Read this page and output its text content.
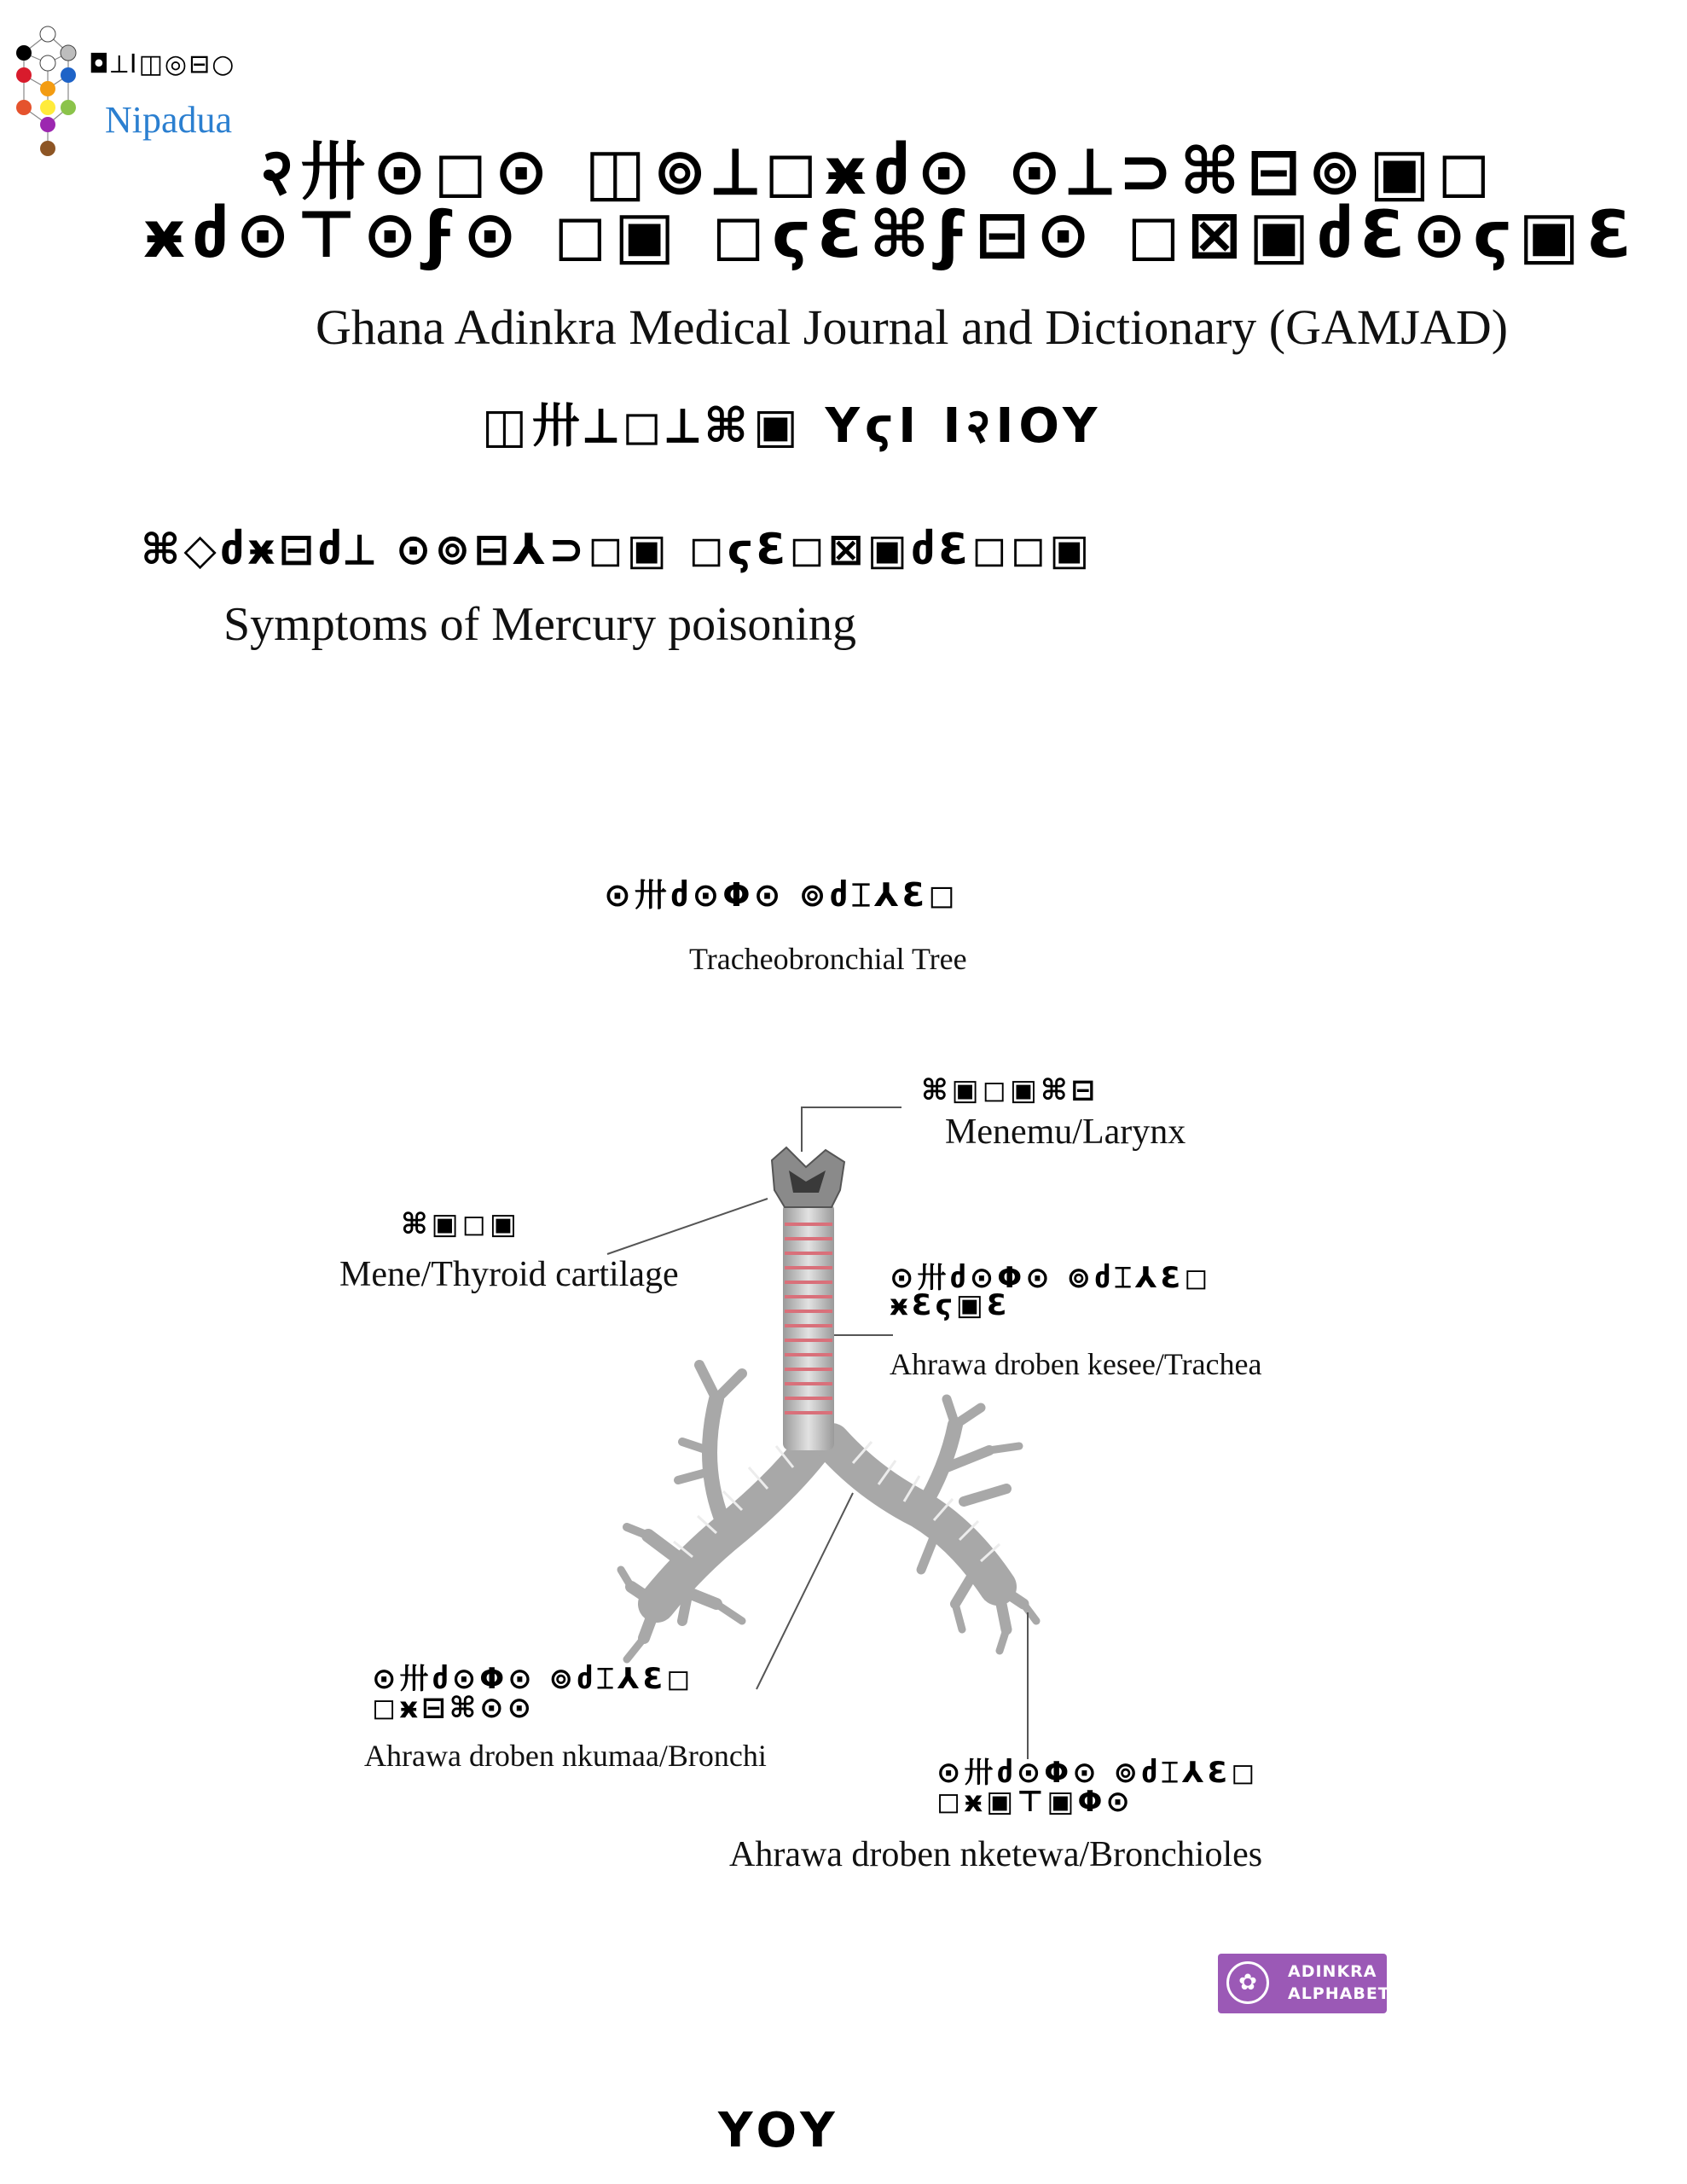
◘⟂I◫◎⊟○
Nipadua
२卅⊙◻⊙ ◫⊚⟂◻ӿძ⊙ ⊙⟂⊃⌘⊟⊚▣◻
ӿძ⊙⊤⊙ϝ⊙ ◻▣ ◻ϛƐ⌘ϝ⊟⊙ ◻⊠▣ძƐ⊙ϛ▣Ɛ
Ghana Adinkra Medical Journal and Dictionary (GAMJAD)
◫卅⟂◻⟂⌘▣ YϛI I२IOY
⌘◇ძӿ⊟ძ⟂ ⊙⊚⊟⅄⊃◻▣ ◻ϛƐ◻⊠▣ძƐ◻◻▣
Symptoms of Mercury poisoning
⊙卅ძ⊙Φ⊙ ⊚ძ⌶⅄Ɛ◻
Tracheobronchial Tree
⌘▣◻▣⌘⊟
Menemu/Larynx
⌘▣◻▣
Mene/Thyroid cartilage	⊙卅ძ⊙Φ⊙ ⊚ძ⌶⅄Ɛ◻
ӿƐϛ▣Ɛ
Ahrawa droben kesee/Trachea
⊙卅ძ⊙Φ⊙ ⊚ძ⌶⅄Ɛ◻
◻ӿ⊟⌘⊙⊙
Ahrawa droben nkumaa/Bronchi	⊙卅ძ⊙Φ⊙ ⊚ძ⌶⅄Ɛ◻
◻ӿ▣⊤▣Φ⊙
Ahrawa droben nketewa/Bronchioles
✿	ADINKRA
ALPHABET
YOY
